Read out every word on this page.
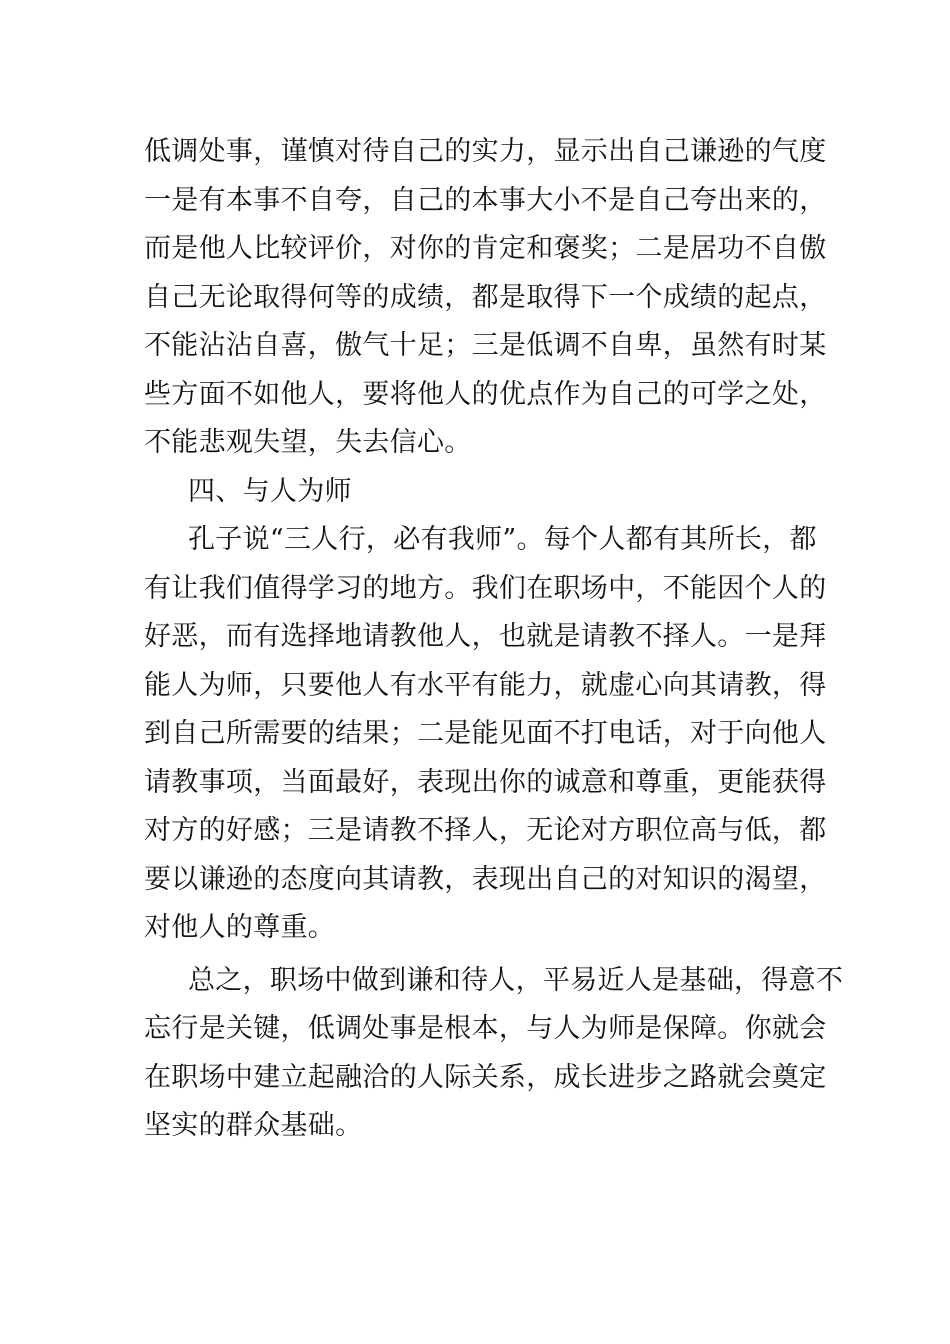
低调处事，谨慎对待自己的实力，显示出自己谦逊的气度
一是有本事不自夸，自己的本事大小不是自己夸出来的，
而是他人比较评价，对你的肯定和褒奖；二是居功不自傲
自己无论取得何等的成绩，都是取得下一个成绩的起点，
不能沾沾自喜，傲气十足；三是低调不自卑，虽然有时某
些方面不如他人，要将他人的优点作为自己的可学之处，
不能悲观失望，失去信心。
四、与人为师
孔子说“三人行，必有我师”。每个人都有其所长，都
有让我们值得学习的地方。我们在职场中，不能因个人的
好恶，而有选择地请教他人，也就是请教不择人。一是拜
能人为师，只要他人有水平有能力，就虚心向其请教，得
到自己所需要的结果；二是能见面不打电话，对于向他人
请教事项，当面最好，表现出你的诚意和尊重，更能获得
对方的好感；三是请教不择人，无论对方职位高与低，都
要以谦逊的态度向其请教，表现出自己的对知识的渴望，
对他人的尊重。
总之，职场中做到谦和待人，平易近人是基础，得意不
忘行是关键，低调处事是根本，与人为师是保障。你就会
在职场中建立起融洽的人际关系，成长进步之路就会奠定
坚实的群众基础。
